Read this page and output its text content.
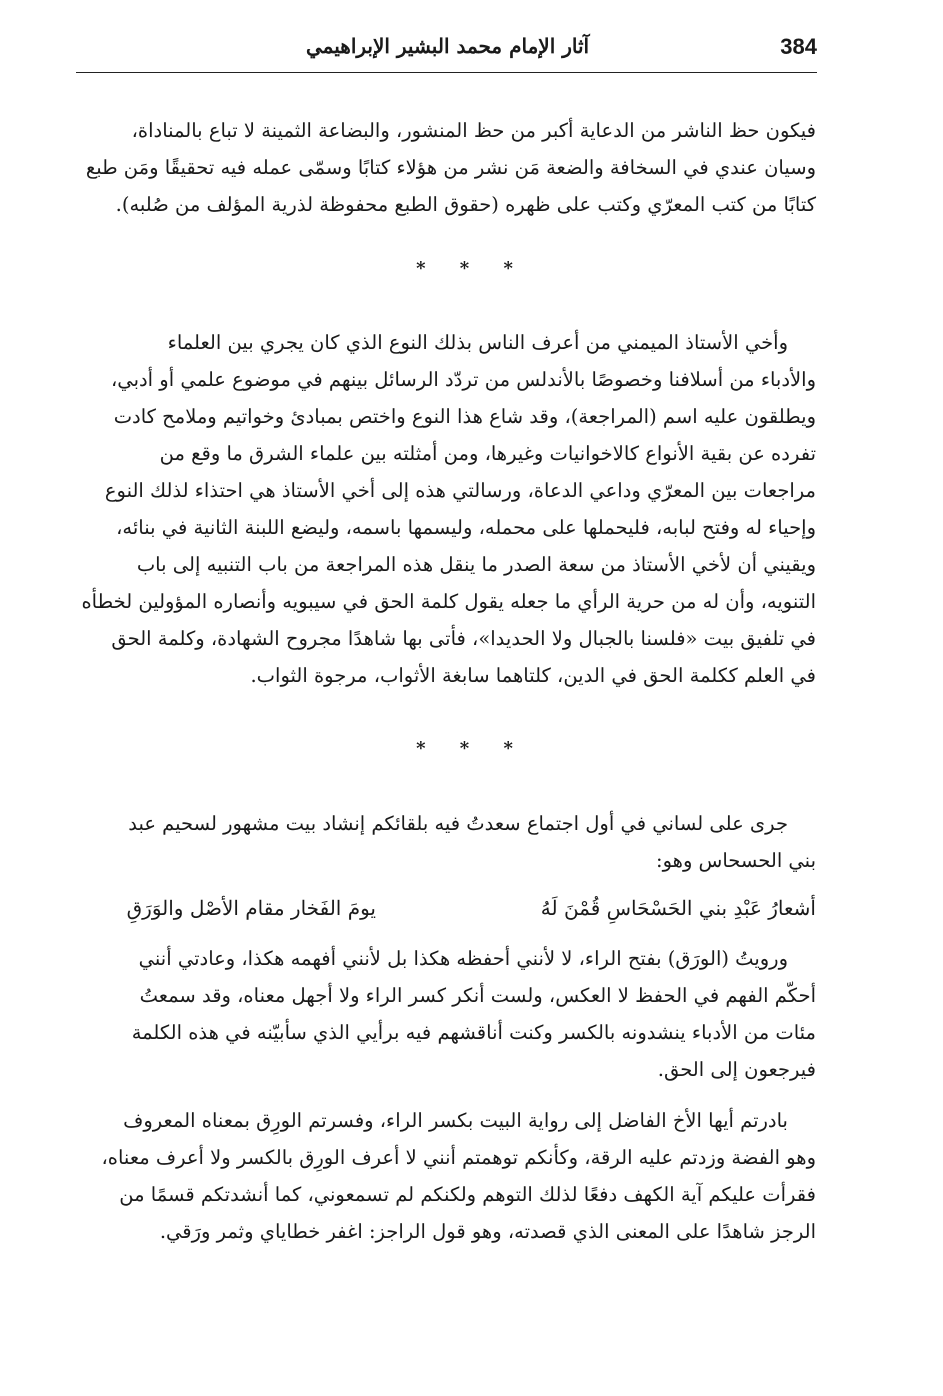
384
آثار الإمام محمد البشير الإبراهيمي

فيكون حظ الناشر من الدعاية أكبر من حظ المنشور، والبضاعة الثمينة لا تباع بالمناداة،
وسيان عندي في السخافة والضعة مَن نشر من هؤلاء كتابًا وسمّى عمله فيه تحقيقًا ومَن طبع
كتابًا من كتب المعرّي وكتب على ظهره (حقوق الطبع محفوظة لذرية المؤلف من صُلبه).

* * *

وأخي الأستاذ الميمني من أعرف الناس بذلك النوع الذي كان يجري بين العلماء
والأدباء من أسلافنا وخصوصًا بالأندلس من تردّد الرسائل بينهم في موضوع علمي أو أدبي،
ويطلقون عليه اسم (المراجعة)، وقد شاع هذا النوع واختص بمبادئ وخواتيم وملامح كادت
تفرده عن بقية الأنواع كالاخوانيات وغيرها، ومن أمثلته بين علماء الشرق ما وقع من
مراجعات بين المعرّي وداعي الدعاة، ورسالتي هذه إلى أخي الأستاذ هي احتذاء لذلك النوع
وإحياء له وفتح لبابه، فليحملها على محمله، وليسمها باسمه، وليضع اللبنة الثانية في بنائه،
ويقيني أن لأخي الأستاذ من سعة الصدر ما ينقل هذه المراجعة من باب التنبيه إلى باب
التنويه، وأن له من حرية الرأي ما جعله يقول كلمة الحق في سيبويه وأنصاره المؤولين لخطأه
في تلفيق بيت «فلسنا بالجبال ولا الحديدا»، فأتى بها شاهدًا مجروح الشهادة، وكلمة الحق
في العلم ككلمة الحق في الدين، كلتاهما سابغة الأثواب، مرجوة الثواب.

* * *

جرى على لساني في أول اجتماع سعدتُ فيه بلقائكم إنشاد بيت مشهور لسحيم عبد
بني الحسحاس وهو:

أشعارُ عَبْدِ بني الحَسْحَاسِ قُمْنَ لَهُ
يومَ الفَخار مقام الأصْل والوَرَقِ

ورويتُ (الورَق) بفتح الراء، لا لأنني أحفظه هكذا بل لأنني أفهمه هكذا، وعادتي أنني
أحكّم الفهم في الحفظ لا العكس، ولست أنكر كسر الراء ولا أجهل معناه، وقد سمعتُ
مئات من الأدباء ينشدونه بالكسر وكنت أناقشهم فيه برأيي الذي سأبيّنه في هذه الكلمة
فيرجعون إلى الحق.

بادرتم أيها الأخ الفاضل إلى رواية البيت بكسر الراء، وفسرتم الورِق بمعناه المعروف
وهو الفضة وزدتم عليه الرقة، وكأنكم توهمتم أنني لا أعرف الورِق بالكسر ولا أعرف معناه،
فقرأت عليكم آية الكهف دفعًا لذلك التوهم ولكنكم لم تسمعوني، كما أنشدتكم قسمًا من
الرجز شاهدًا على المعنى الذي قصدته، وهو قول الراجز: اغفر خطاياي وثمر ورَقي.
